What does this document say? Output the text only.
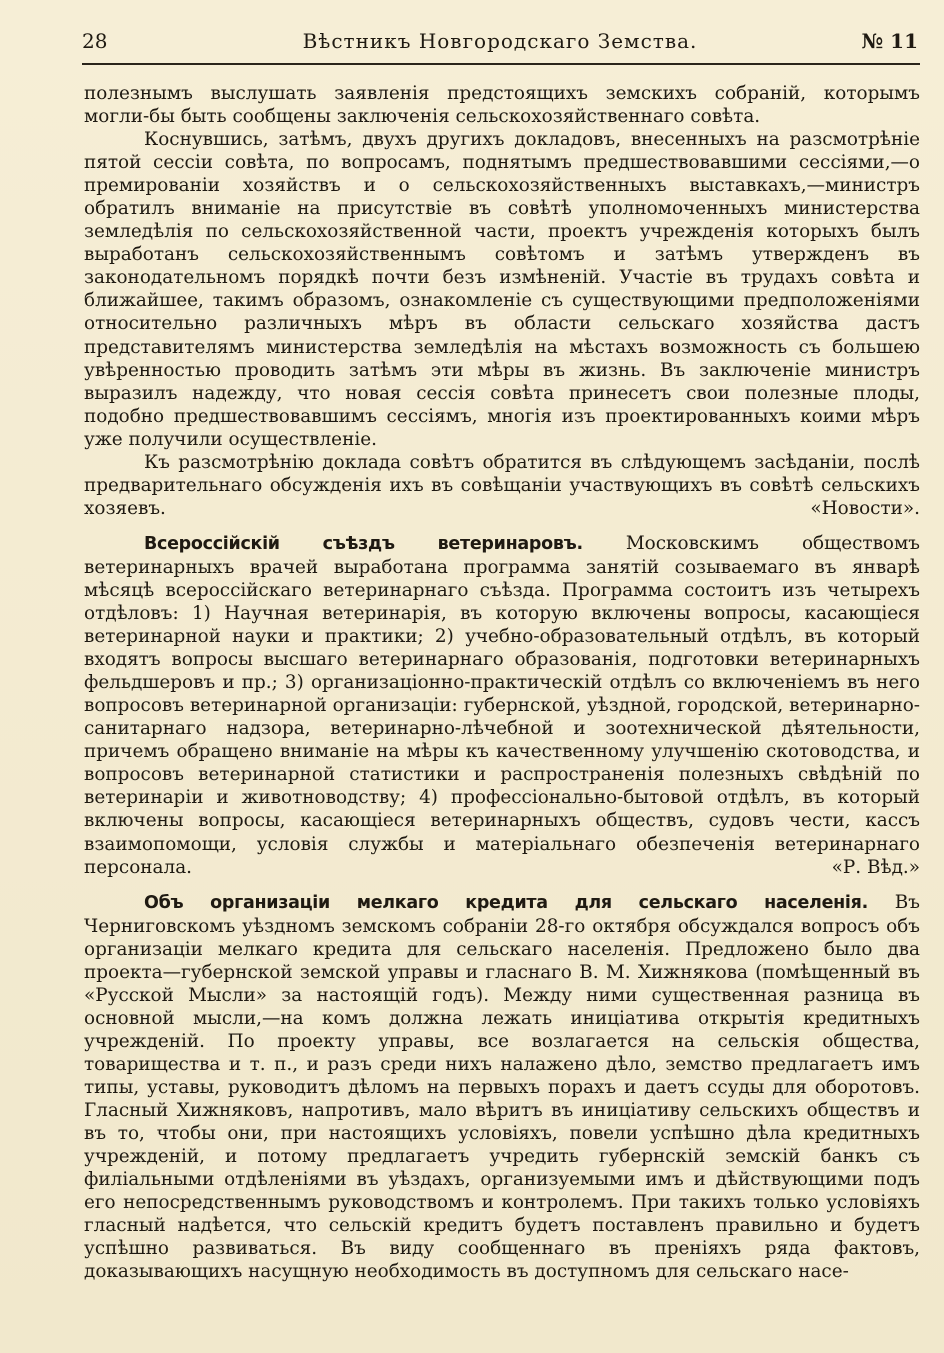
28	Вѣстникъ Новгородскаго Земства.	№ 11

полезнымъ выслушать заявленія предстоящихъ земскихъ собраній, которымъ могли-бы быть сообщены заключенія сельскохозяйственнаго совѣта.

Коснувшись, затѣмъ, двухъ другихъ докладовъ, внесенныхъ на разсмотрѣніе пятой сессіи совѣта, по вопросамъ, поднятымъ предшествовавшими сессіями,—о премированіи хозяйствъ и о сельскохозяйственныхъ выставкахъ,—министръ обратилъ вниманіе на присутствіе въ совѣтѣ уполномоченныхъ министерства земледѣлія по сельскохозяйственной части, проектъ учрежденія которыхъ былъ выработанъ сельскохозяйственнымъ совѣтомъ и затѣмъ утвержденъ въ законодательномъ порядкѣ почти безъ измѣненій. Участіе въ трудахъ совѣта и ближайшее, такимъ образомъ, ознакомленіе съ существующими предположеніями относительно различныхъ мѣръ въ области сельскаго хозяйства дастъ представителямъ министерства земледѣлія на мѣстахъ возможность съ большею увѣренностью проводить затѣмъ эти мѣры въ жизнь. Въ заключеніе министръ выразилъ надежду, что новая сессія совѣта принесетъ свои полезные плоды, подобно предшествовавшимъ сессіямъ, многія изъ проектированныхъ коими мѣръ уже получили осуществленіе.

Къ разсмотрѣнію доклада совѣтъ обратится въ слѣдующемъ засѣданіи, послѣ предварительнаго обсужденія ихъ въ совѣщаніи участвующихъ въ совѣтѣ сельскихъ хозяевъ.	«Новости».

Всероссійскій съѣздъ ветеринаровъ. Московскимъ обществомъ ветеринарныхъ врачей выработана программа занятій созываемаго въ январѣ мѣсяцѣ всероссійскаго ветеринарнаго съѣзда. Программа состоитъ изъ четырехъ отдѣловъ: 1) Научная ветеринарія, въ которую включены вопросы, касающіеся ветеринарной науки и практики; 2) учебно-образовательный отдѣлъ, въ который входятъ вопросы высшаго ветеринарнаго образованія, подготовки ветеринарныхъ фельдшеровъ и пр.; 3) организаціонно-практическій отдѣлъ со включеніемъ въ него вопросовъ ветеринарной организаціи: губернской, уѣздной, городской, ветеринарно-санитарнаго надзора, ветеринарно-лѣчебной и зоотехнической дѣятельности, причемъ обращено вниманіе на мѣры къ качественному улучшенію скотоводства, и вопросовъ ветеринарной статистики и распространенія полезныхъ свѣдѣній по ветеринаріи и животноводству; 4) профессіонально-бытовой отдѣлъ, въ который включены вопросы, касающіеся ветеринарныхъ обществъ, судовъ чести, кассъ взаимопомощи, условія службы и матеріальнаго обезпеченія ветеринарнаго персонала.	«Р. Вѣд.»

Объ организаціи мелкаго кредита для сельскаго населенія. Въ Черниговскомъ уѣздномъ земскомъ собраніи 28-го октября обсуждался вопросъ объ организаціи мелкаго кредита для сельскаго населенія. Предложено было два проекта—губернской земской управы и гласнаго В. М. Хижнякова (помѣщенный въ «Русской Мысли» за настоящій годъ). Между ними существенная разница въ основной мысли,—на комъ должна лежать иниціатива открытія кредитныхъ учрежденій. По проекту управы, все возлагается на сельскія общества, товарищества и т. п., и разъ среди нихъ налажено дѣло, земство предлагаетъ имъ типы, уставы, руководитъ дѣломъ на первыхъ порахъ и даетъ ссуды для оборотовъ. Гласный Хижняковъ, напротивъ, мало вѣритъ въ иниціативу сельскихъ обществъ и въ то, чтобы они, при настоящихъ условіяхъ, повели успѣшно дѣла кредитныхъ учрежденій, и потому предлагаетъ учредить губернскій земскій банкъ съ филіальными отдѣленіями въ уѣздахъ, организуемыми имъ и дѣйствующими подъ его непосредственнымъ руководствомъ и контролемъ. При такихъ только условіяхъ гласный надѣется, что сельскій кредитъ будетъ поставленъ правильно и будетъ успѣшно развиваться. Въ виду сообщеннаго въ преніяхъ ряда фактовъ, доказывающихъ насущную необходимость въ доступномъ для сельскаго насе-
